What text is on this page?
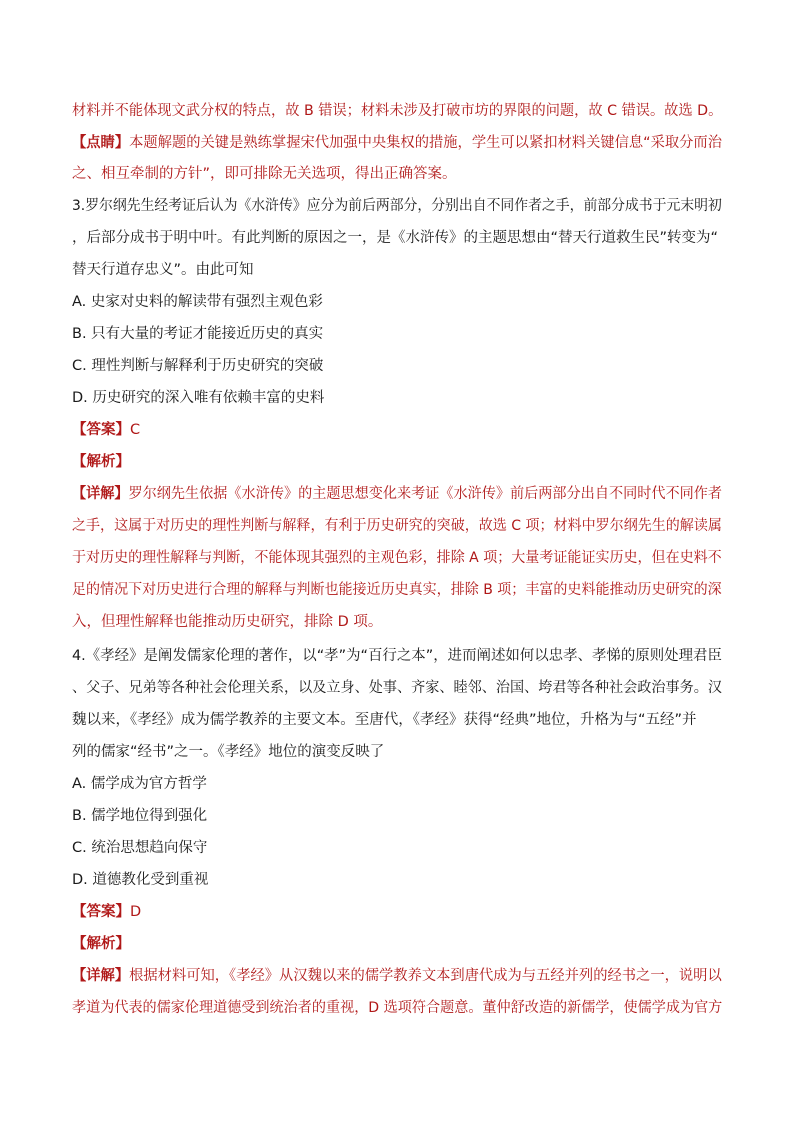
材料并不能体现文武分权的特点，故 B 错误；材料未涉及打破市坊的界限的问题，故 C 错误。故选 D。
【点睛】本题解题的关键是熟练掌握宋代加强中央集权的措施，学生可以紧扣材料关键信息“采取分而治
之、相互牵制的方针”，即可排除无关选项，得出正确答案。
3.罗尔纲先生经考证后认为《水浒传》应分为前后两部分，分别出自不同作者之手，前部分成书于元末明初
，后部分成书于明中叶。有此判断的原因之一，是《水浒传》的主题思想由“替天行道救生民”转变为“
替天行道存忠义”。由此可知
A. 史家对史料的解读带有强烈主观色彩
B. 只有大量的考证才能接近历史的真实
C. 理性判断与解释利于历史研究的突破
D. 历史研究的深入唯有依赖丰富的史料
【答案】C
【解析】
【详解】罗尔纲先生依据《水浒传》的主题思想变化来考证《水浒传》前后两部分出自不同时代不同作者
之手，这属于对历史的理性判断与解释，有利于历史研究的突破，故选 C 项；材料中罗尔纲先生的解读属
于对历史的理性解释与判断，不能体现其强烈的主观色彩，排除 A 项；大量考证能证实历史，但在史料不
足的情况下对历史进行合理的解释与判断也能接近历史真实，排除 B 项；丰富的史料能推动历史研究的深
入，但理性解释也能推动历史研究，排除 D 项。
4.《孝经》是阐发儒家伦理的著作，以“孝”为“百行之本”，进而阐述如何以忠孝、孝悌的原则处理君臣
、父子、兄弟等各种社会伦理关系，以及立身、处事、齐家、睦邻、治国、垮君等各种社会政治事务。汉
魏以来，《孝经》成为儒学教养的主要文本。至唐代，《孝经》获得“经典”地位，升格为与“五经”并
列的儒家“经书”之一。《孝经》地位的演变反映了
A. 儒学成为官方哲学
B. 儒学地位得到强化
C. 统治思想趋向保守
D. 道德教化受到重视
【答案】D
【解析】
【详解】根据材料可知，《孝经》从汉魏以来的儒学教养文本到唐代成为与五经并列的经书之一，说明以
孝道为代表的儒家伦理道德受到统治者的重视，D 选项符合题意。董仲舒改造的新儒学，使儒学成为官方
